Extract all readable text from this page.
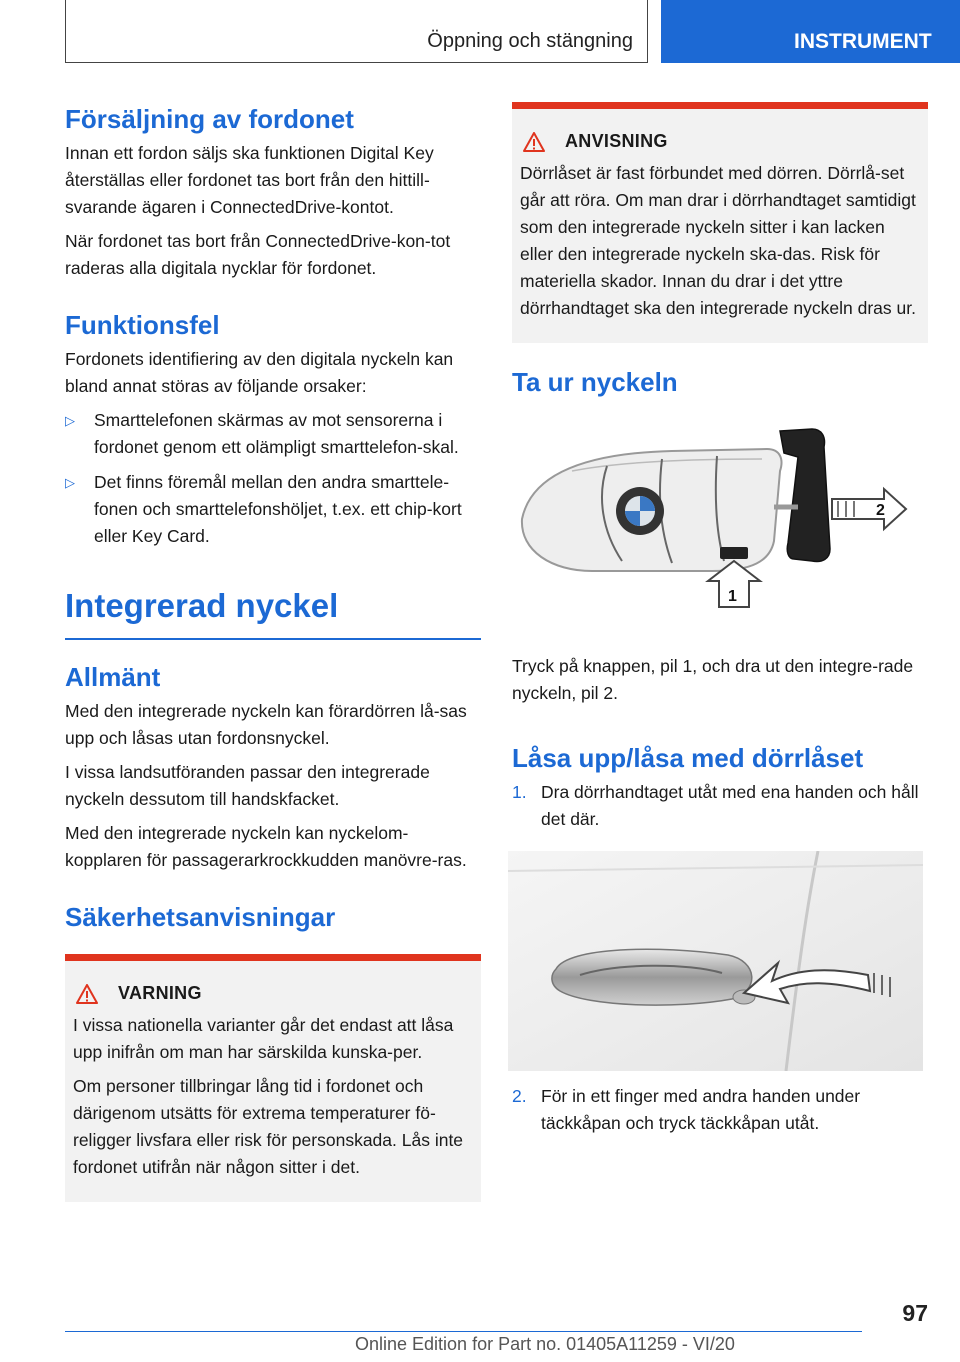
Öppning och stängning	INSTRUMENT
Försäljning av fordonet

Innan ett fordon säljs ska funktionen Digital Key återställas eller fordonet tas bort från den hittill-svarande ägaren i ConnectedDrive-kontot.

När fordonet tas bort från ConnectedDrive-kon-tot raderas alla digitala nycklar för fordonet.

Funktionsfel

Fordonets identifiering av den digitala nyckeln kan bland annat störas av följande orsaker:

▷ Smarttelefonen skärmas av mot sensorerna i fordonet genom ett olämpligt smarttelefon-skal.
▷ Det finns föremål mellan den andra smarttele-fonen och smarttelefonshöljet, t.ex. ett chip-kort eller Key Card.
Integrerad nyckel
Allmänt

Med den integrerade nyckeln kan förardörren lå-sas upp och låsas utan fordonsnyckel.

I vissa landsutföranden passar den integrerade nyckeln dessutom till handskfacket.

Med den integrerade nyckeln kan nyckelom-kopplaren för passagerarkrockkudden manövre-ras.

Säkerhetsanvisningar
VARNING

I vissa nationella varianter går det endast att låsa upp inifrån om man har särskilda kunska-per.

Om personer tillbringar lång tid i fordonet och därigenom utsätts för extrema temperaturer fö-religger livsfara eller risk för personskada. Lås inte fordonet utifrån när någon sitter i det.

ANVISNING

Dörrlåset är fast förbundet med dörren. Dörrlå-set går att röra. Om man drar i dörrhandtaget samtidigt som den integrerade nyckeln sitter i kan lacken eller den integrerade nyckeln ska-das. Risk för materiella skador. Innan du drar i det yttre dörrhandtaget ska den integrerade nyckeln dras ur.

Ta ur nyckeln
2
1

Tryck på knappen, pil 1, och dra ut den integre-rade nyckeln, pil 2.

Låsa upp/låsa med dörrlåset
1. Dra dörrhandtaget utåt med ena handen och håll det där.
2. För in ett finger med andra handen under täckkåpan och tryck täckkåpan utåt.
97
Online Edition for Part no. 01405A11259 - VI/20
